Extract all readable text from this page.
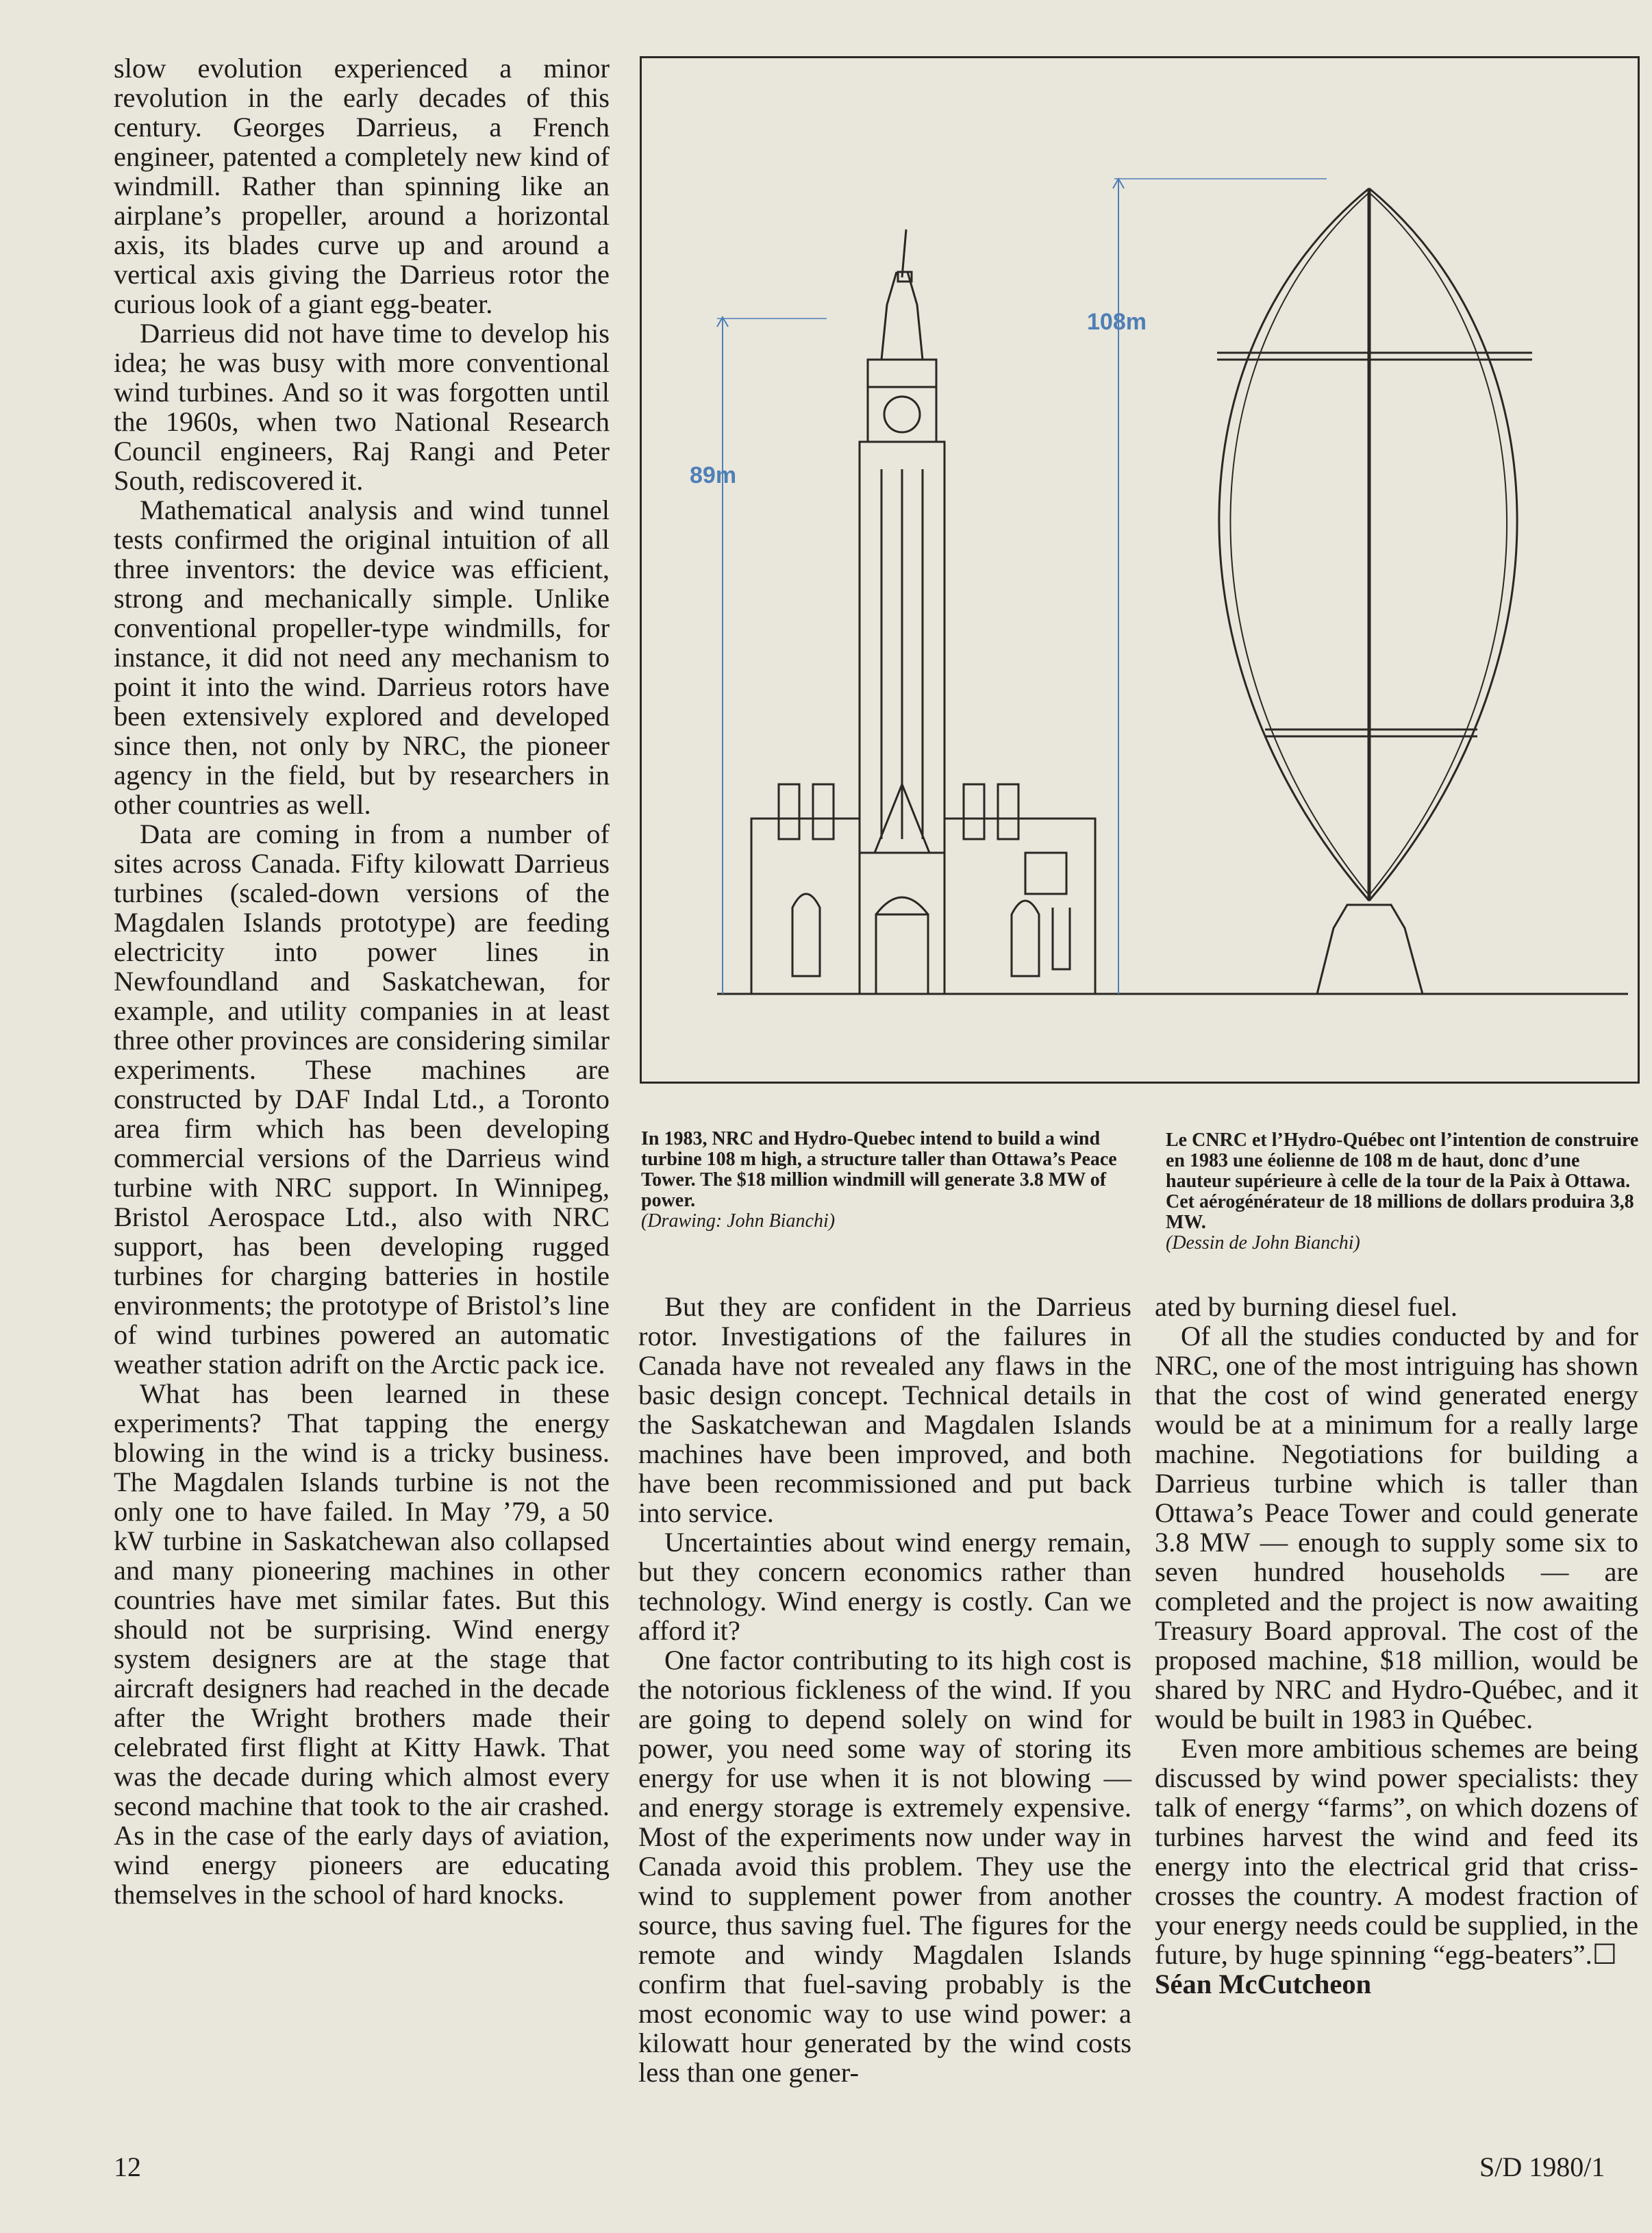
slow evolution experienced a minor revolution in the early decades of this century. Georges Darrieus, a French engineer, patented a completely new kind of windmill. Rather than spinning like an airplane’s propeller, around a horizontal axis, its blades curve up and around a vertical axis giving the Darrieus rotor the curious look of a giant egg-beater.

Darrieus did not have time to develop his idea; he was busy with more conventional wind turbines. And so it was forgotten until the 1960s, when two National Research Council engineers, Raj Rangi and Peter South, rediscovered it.

Mathematical analysis and wind tunnel tests confirmed the original intuition of all three inventors: the device was efficient, strong and mechanically simple. Unlike conventional propeller-type windmills, for instance, it did not need any mechanism to point it into the wind. Darrieus rotors have been extensively explored and developed since then, not only by NRC, the pioneer agency in the field, but by researchers in other countries as well.

Data are coming in from a number of sites across Canada. Fifty kilowatt Darrieus turbines (scaled-down versions of the Magdalen Islands prototype) are feeding electricity into power lines in Newfoundland and Saskatchewan, for example, and utility companies in at least three other provinces are considering similar experiments. These machines are constructed by DAF Indal Ltd., a Toronto area firm which has been developing commercial versions of the Darrieus wind turbine with NRC support. In Winnipeg, Bristol Aerospace Ltd., also with NRC support, has been developing rugged turbines for charging batteries in hostile environments; the prototype of Bristol’s line of wind turbines powered an automatic weather station adrift on the Arctic pack ice.

What has been learned in these experiments? That tapping the energy blowing in the wind is a tricky business. The Magdalen Islands turbine is not the only one to have failed. In May ’79, a 50 kW turbine in Saskatchewan also collapsed and many pioneering machines in other countries have met similar fates. But this should not be surprising. Wind energy system designers are at the stage that aircraft designers had reached in the decade after the Wright brothers made their celebrated first flight at Kitty Hawk. That was the decade during which almost every second machine that took to the air crashed. As in the case of the early days of aviation, wind energy pioneers are educating themselves in the school of hard knocks.

89m
108m
In 1983, NRC and Hydro-Quebec intend to build a wind turbine 108 m high, a structure taller than Ottawa’s Peace Tower. The $18 million windmill will generate 3.8 MW of power.
(Drawing: John Bianchi)
Le CNRC et l’Hydro-Québec ont l’intention de construire en 1983 une éolienne de 108 m de haut, donc d’une hauteur supérieure à celle de la tour de la Paix à Ottawa. Cet aérogénérateur de 18 millions de dollars produira 3,8 MW.
(Dessin de John Bianchi)

But they are confident in the Darrieus rotor. Investigations of the failures in Canada have not revealed any flaws in the basic design concept. Technical details in the Saskatchewan and Magdalen Islands machines have been improved, and both have been recommissioned and put back into service.

Uncertainties about wind energy remain, but they concern economics rather than technology. Wind energy is costly. Can we afford it?

One factor contributing to its high cost is the notorious fickleness of the wind. If you are going to depend solely on wind for power, you need some way of storing its energy for use when it is not blowing — and energy storage is extremely expensive. Most of the experiments now under way in Canada avoid this problem. They use the wind to supplement power from another source, thus saving fuel. The figures for the remote and windy Magdalen Islands confirm that fuel-saving probably is the most economic way to use wind power: a kilowatt hour generated by the wind costs less than one gener-

ated by burning diesel fuel.

Of all the studies conducted by and for NRC, one of the most intriguing has shown that the cost of wind generated energy would be at a minimum for a really large machine. Negotiations for building a Darrieus turbine which is taller than Ottawa’s Peace Tower and could generate 3.8 MW — enough to supply some six to seven hundred households — are completed and the project is now awaiting Treasury Board approval. The cost of the proposed machine, $18 million, would be shared by NRC and Hydro-Québec, and it would be built in 1983 in Québec.

Even more ambitious schemes are being discussed by wind power specialists: they talk of energy “farms”, on which dozens of turbines harvest the wind and feed its energy into the electrical grid that criss-crosses the country. A modest fraction of your energy needs could be supplied, in the future, by huge spinning “egg-beaters”.☐

Séan McCutcheon

12	S/D 1980/1
